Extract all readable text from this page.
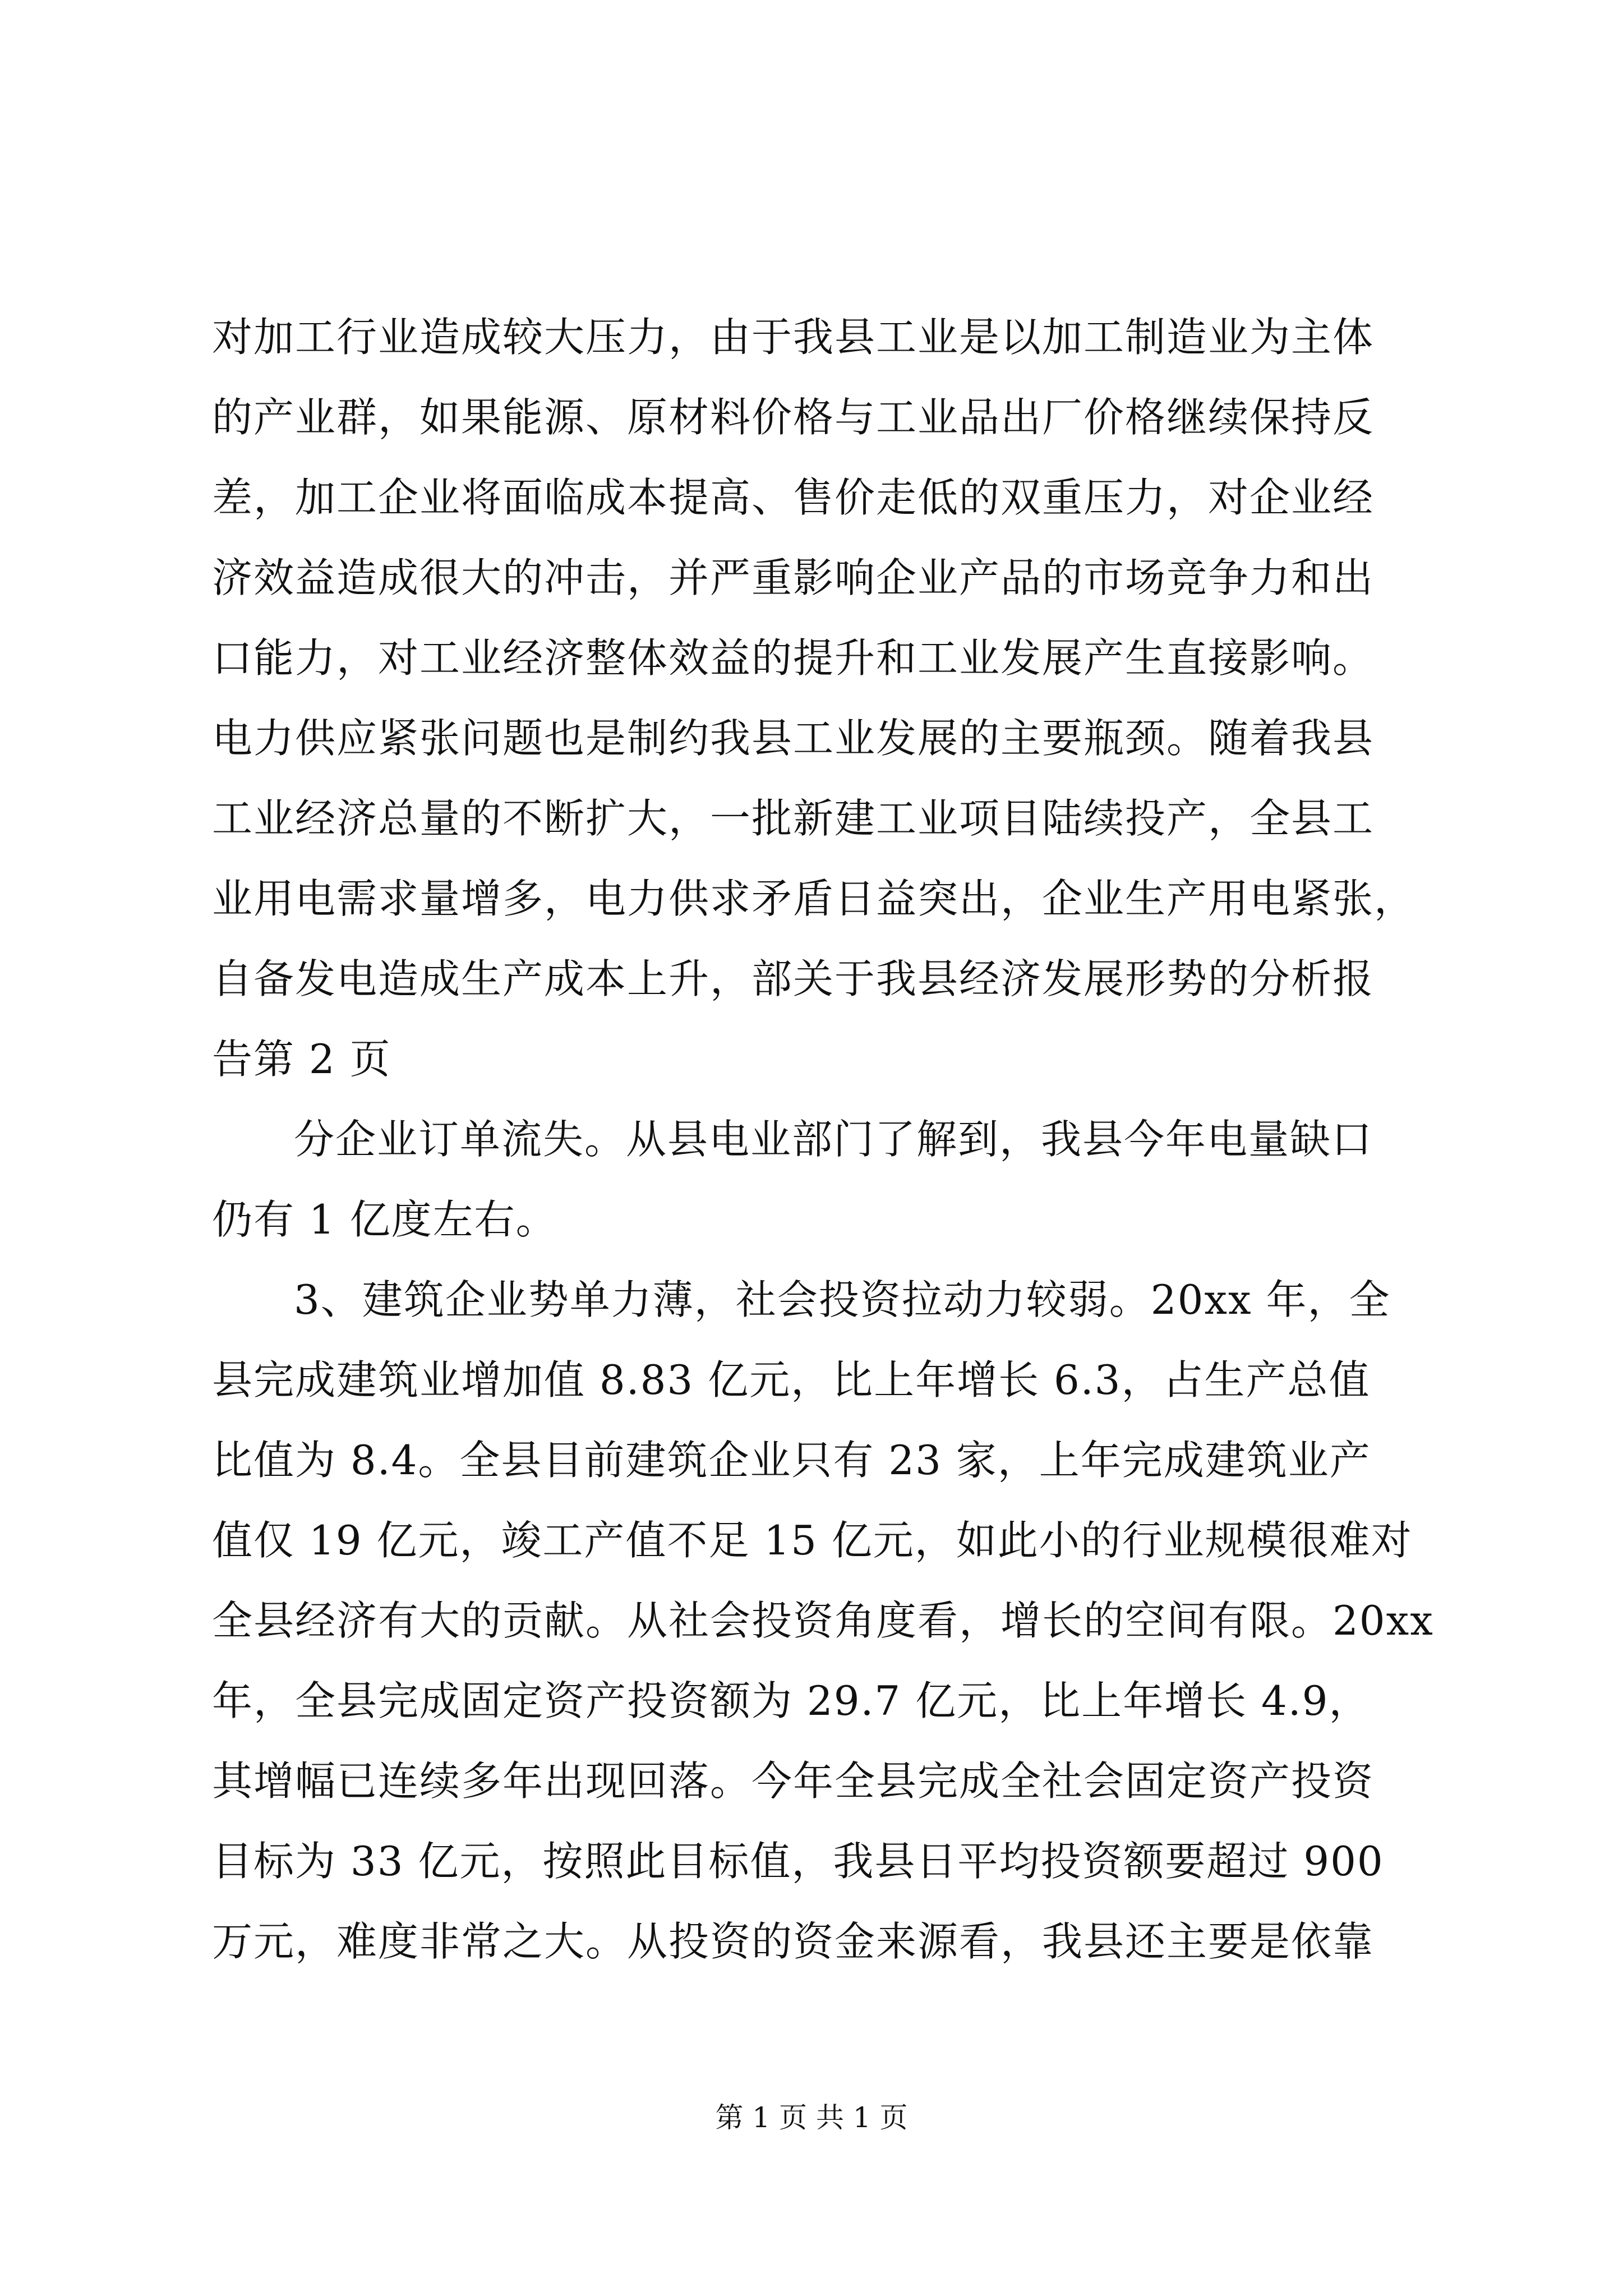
对加工行业造成较大压力，由于我县工业是以加工制造业为主体
的产业群，如果能源、原材料价格与工业品出厂价格继续保持反
差，加工企业将面临成本提高、售价走低的双重压力，对企业经
济效益造成很大的冲击，并严重影响企业产品的市场竞争力和出
口能力，对工业经济整体效益的提升和工业发展产生直接影响。
电力供应紧张问题也是制约我县工业发展的主要瓶颈。随着我县
工业经济总量的不断扩大，一批新建工业项目陆续投产，全县工
业用电需求量增多，电力供求矛盾日益突出，企业生产用电紧张，
自备发电造成生产成本上升，部关于我县经济发展形势的分析报
告第 2 页
分企业订单流失。从县电业部门了解到，我县今年电量缺口
仍有 1 亿度左右。
3、建筑企业势单力薄，社会投资拉动力较弱。20xx 年，全
县完成建筑业增加值 8.83 亿元，比上年增长 6.3，占生产总值
比值为 8.4。全县目前建筑企业只有 23 家，上年完成建筑业产
值仅 19 亿元，竣工产值不足 15 亿元，如此小的行业规模很难对
全县经济有大的贡献。从社会投资角度看，增长的空间有限。20xx
年，全县完成固定资产投资额为 29.7 亿元，比上年增长 4.9，
其增幅已连续多年出现回落。今年全县完成全社会固定资产投资
目标为 33 亿元，按照此目标值，我县日平均投资额要超过 900
万元，难度非常之大。从投资的资金来源看，我县还主要是依靠
第 1 页 共 1 页
